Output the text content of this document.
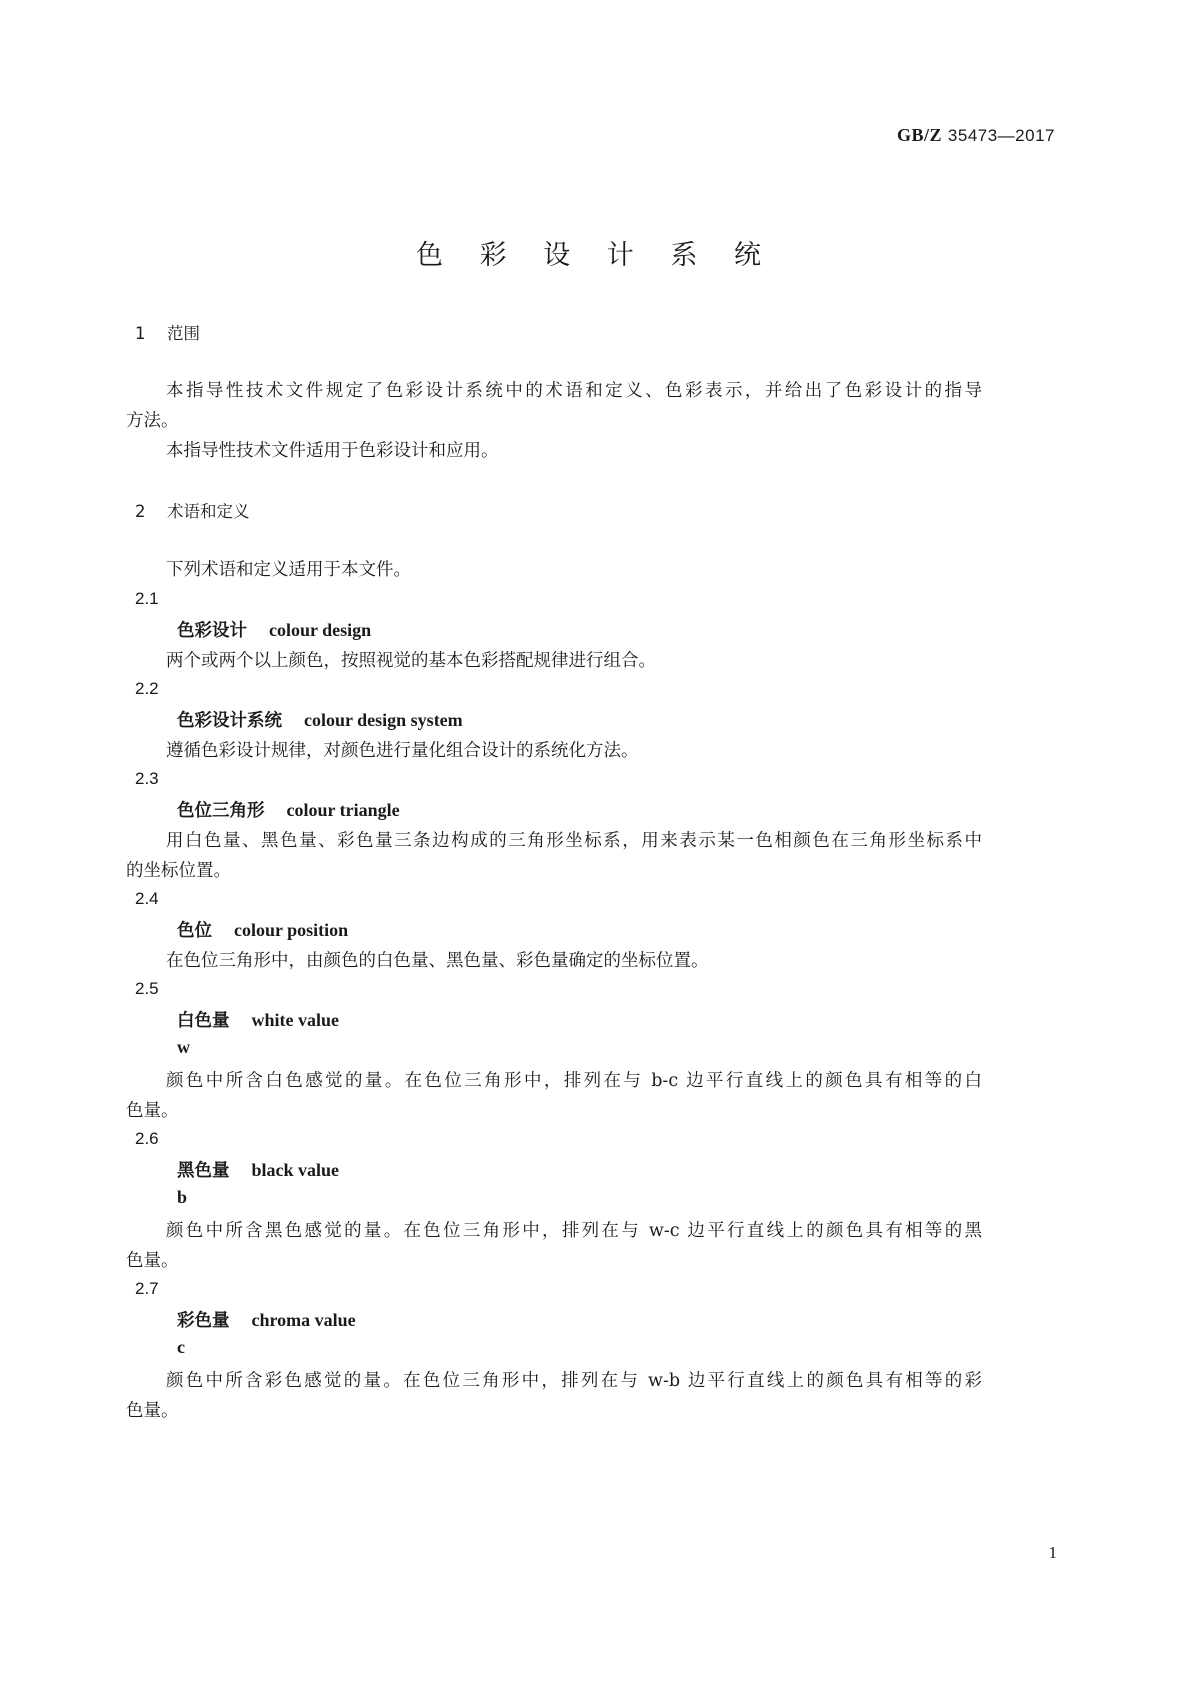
GB/Z 35473—2017
色 彩 设 计 系 统
1 范围
本指导性技术文件规定了色彩设计系统中的术语和定义、色彩表示，并给出了色彩设计的指导
方法。
本指导性技术文件适用于色彩设计和应用。
2 术语和定义
下列术语和定义适用于本文件。
2.1
色彩设计 colour design
两个或两个以上颜色，按照视觉的基本色彩搭配规律进行组合。
2.2
色彩设计系统 colour design system
遵循色彩设计规律，对颜色进行量化组合设计的系统化方法。
2.3
色位三角形 colour triangle
用白色量、黑色量、彩色量三条边构成的三角形坐标系，用来表示某一色相颜色在三角形坐标系中
的坐标位置。
2.4
色位 colour position
在色位三角形中，由颜色的白色量、黑色量、彩色量确定的坐标位置。
2.5
白色量 white value
w
颜色中所含白色感觉的量。在色位三角形中，排列在与 b-c 边平行直线上的颜色具有相等的白
色量。
2.6
黑色量 black value
b
颜色中所含黑色感觉的量。在色位三角形中，排列在与 w-c 边平行直线上的颜色具有相等的黑
色量。
2.7
彩色量 chroma value
c
颜色中所含彩色感觉的量。在色位三角形中，排列在与 w-b 边平行直线上的颜色具有相等的彩
色量。
1
